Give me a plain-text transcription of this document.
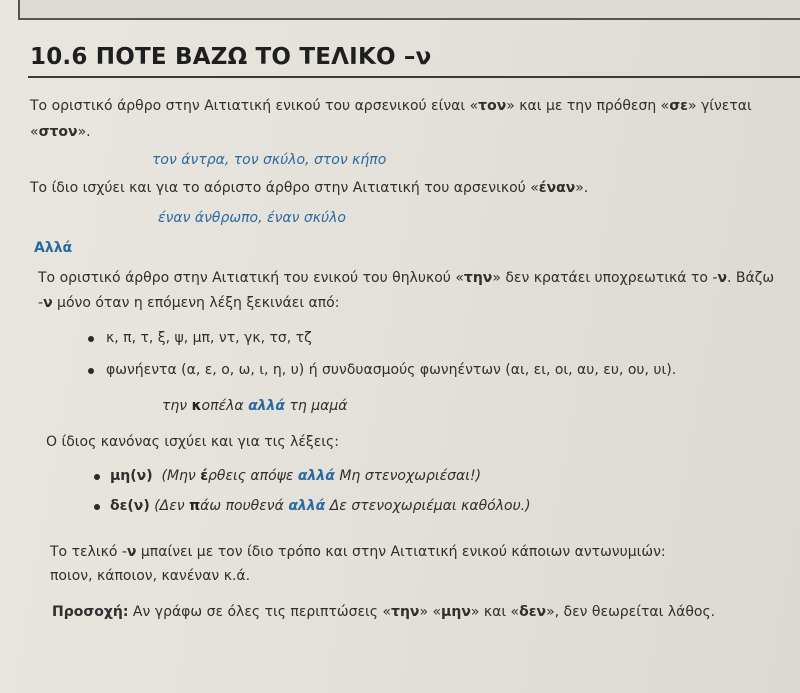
10.6 ΠΟΤΕ ΒΑΖΩ ΤΟ ΤΕΛΙΚΟ –ν
Το οριστικό άρθρο στην Αιτιατική ενικού του αρσενικού είναι «τον» και με την πρόθεση «σε» γίνεται
«στον».
τον άντρα, τον σκύλο, στον κήπο
Το ίδιο ισχύει και για το αόριστο άρθρο στην Αιτιατική του αρσενικού «έναν».
έναν άνθρωπο, έναν σκύλο
Αλλά
Το οριστικό άρθρο στην Αιτιατική του ενικού του θηλυκού «την» δεν κρατάει υποχρεωτικά το -ν. Βάζω
-ν μόνο όταν η επόμενη λέξη ξεκινάει από:
κ, π, τ, ξ, ψ, μπ, ντ, γκ, τσ, τζ
φωνήεντα (α, ε, ο, ω, ι, η, υ) ή συνδυασμούς φωνηέντων (αι, ει, οι, αυ, ευ, ου, υι).
την κοπέλα αλλά τη μαμά
Ο ίδιος κανόνας ισχύει και για τις λέξεις:
μη(ν) (Μην έρθεις απόψε αλλά Μη στενοχωριέσαι!)
δε(ν) (Δεν πάω πουθενά αλλά Δε στενοχωριέμαι καθόλου.)
Το τελικό -ν μπαίνει με τον ίδιο τρόπο και στην Αιτιατική ενικού κάποιων αντωνυμιών:
ποιον, κάποιον, κανέναν κ.ά.
Προσοχή: Αν γράφω σε όλες τις περιπτώσεις «την» «μην» και «δεν», δεν θεωρείται λάθος.
